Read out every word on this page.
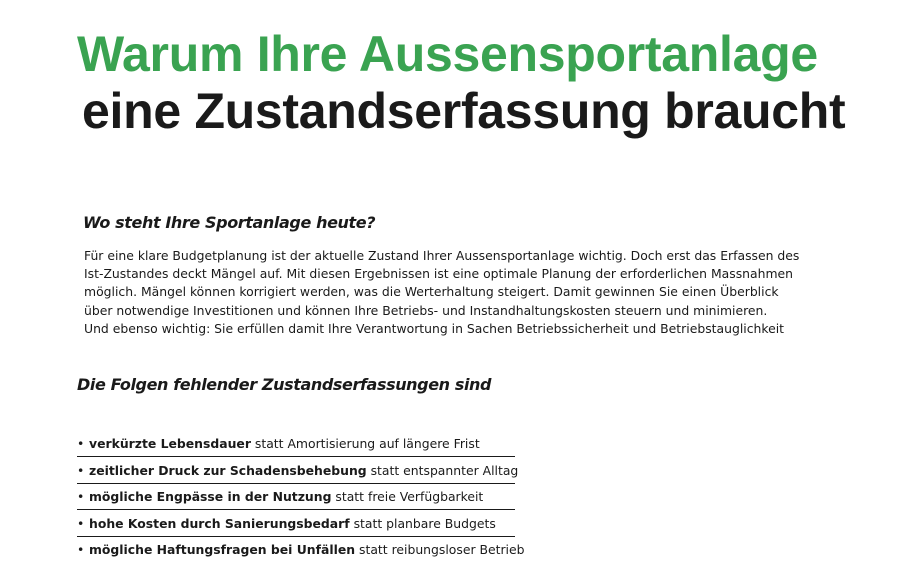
Warum Ihre Aussensportanlage
eine Zustandserfassung braucht
Wo steht Ihre Sportanlage heute?

Für eine klare Budgetplanung ist der aktuelle Zustand Ihrer Aussensportanlage wichtig. Doch erst das Erfassen des
Ist-Zustandes deckt Mängel auf. Mit diesen Ergebnissen ist eine optimale Planung der erforderlichen Massnahmen
möglich. Mängel können korrigiert werden, was die Werterhaltung steigert. Damit gewinnen Sie einen Überblick
über notwendige Investitionen und können Ihre Betriebs- und Instandhaltungskosten steuern und minimieren.
Und ebenso wichtig: Sie erfüllen damit Ihre Verantwortung in Sachen Betriebssicherheit und Betriebstauglichkeit

Die Folgen fehlender Zustandserfassungen sind
• verkürzte Lebensdauer statt Amortisierung auf längere Frist
• zeitlicher Druck zur Schadensbehebung statt entspannter Alltag
• mögliche Engpässe in der Nutzung statt freie Verfügbarkeit
• hohe Kosten durch Sanierungsbedarf statt planbare Budgets
• mögliche Haftungsfragen bei Unfällen statt reibungsloser Betrieb
